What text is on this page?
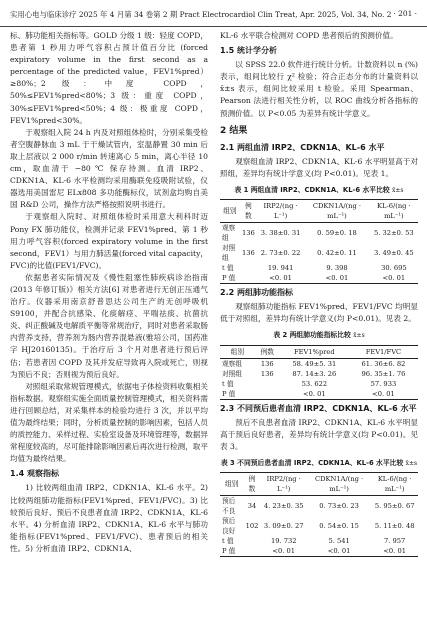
实用心电与临床诊疗 2025 年 4 月第 34 卷第 2 期 Pract Electrocardiol Clin Treat, Apr. 2025, Vol. 34, No. 2 · 201 ·

标、肺功能相关指标等。GOLD 分级 1 级：轻度 COPD，患者第 1 秒用力呼气容积占预计值百分比 (forced expiratory volume in the first second as a percentage of the predicted value，FEV1%pred）≥80%；2 级：中度 COPD，50%≤FEV1%pred<80%；3 级：重度 COPD，30%≤FEV1%pred<50%；4 级：极重度 COPD，FEV1%pred<30%。

于观察组入院 24 h 内及对照组体检时，分别采集受检者空腹静脉血 3 mL 于干燥试管内，室温静置 30 min 后取上层液以 2 000 r/min 转速离心 5 min，离心半径 10 cm，取血清于 −80 ℃ 保存待测。血清 IRP2、CDKN1A、KL-6 水平检测均采用酶联免疫吸附试验，仪器选用美国雷尼 ELx808 多功能酶标仪，试剂盒均购自美国 R&D 公司，操作方法严格按照说明书进行。

于观察组入院时、对照组体检时采用意大利科时迈 Pony FX 肺功能仪，检测并记录 FEV1%pred、第 1 秒用力呼气容积(forced expiratory volume in the first second，FEV1）与用力肺活量(forced vital capacity，FVC)的比值(FEV1/FVC)。

依据患者实际情况及《慢性阻塞性肺疾病诊治指南(2013 年修订版)》相关方法[6] 对患者进行无创正压通气治疗。仪器采用南京舒普思达公司生产的无创呼吸机 S9100，并配合抗感染、化痰解痉、平喘祛痰、抗菌抗炎、纠正酸碱及电解质平衡等常规治疗，同时对患者采取肠内营养支持，营养剂为肠内营养混悬液(雅培公司，国药准字 HJ20160135)。于治疗后 3 个月对患者进行预后评估；若患者因 COPD 及其并发症导致再入院或死亡，则视为预后不良；否则视为预后良好。

对照组采取常规管理模式，依据电子体检资料收集相关指标数据。观察组实施全面质量控制管理模式，相关资料需进行回顾总结，对采集样本的检验均进行 3 次，并以平均值为最终结果；同时，分析质量控制的影响因素，包括人员的质控能力、采样过程、实验室设备及环境管理等，数据异常程度较高的，尽可能排除影响因素后再次进行检测，取平均值为最终结果。

1.4 观察指标

1) 比较两组血清 IRP2、CDKN1A、KL-6 水平。2) 比较两组肺功能指标(FEV1%pred、FEV1/FVC)。3) 比较预后良好、预后不良患者血清 IRP2、CDKN1A、KL-6 水平。4) 分析血清 IRP2、CDKN1A、KL-6 水平与肺功能指标(FEV1%pred、FEV1/FVC)、患者预后的相关性。5) 分析血清 IRP2、CDKN1A、

KL-6 水平联合检测对 COPD 患者预后的预测价值。

1.5 统计学分析

以 SPSS 22.0 软件进行统计分析。计数资料以 n (%) 表示，组间比较行 χ² 检验；符合正态分布的计量资料以 x̄±s 表示，组间比较采用 t 检验。采用 Spearman、Pearson 法进行相关性分析，以 ROC 曲线分析各指标的预测价值。以 P<0.05 为差异有统计学意义。

2 结果
2.1 两组血清 IRP2、CDKN1A、KL-6 水平

观察组血清 IRP2、CDKN1A、KL-6 水平明显高于对照组，差异均有统计学意义(均 P<0.01)。见表 1。

表 1 两组血清 IRP2、CDKN1A、KL-6 水平比较 x̄±s
组别	例数	IRP2/(ng · L⁻¹)	CDKN1A/(ng · mL⁻¹)	KL-6/(ng · mL⁻¹)
观察组	136	3. 38±0. 31	0. 59±0. 18	5. 32±0. 53
对照组	136	2. 73±0. 22	0. 42±0. 11	3. 49±0. 45
t 值		19. 941	9. 398	30. 695
P 值		<0. 01	<0. 01	<0. 01
2.2 两组肺功能指标

观察组肺功能指标 FEV1%pred、FEV1/FVC 均明显低于对照组，差异均有统计学意义(均 P<0.01)。见表 2。

表 2 两组肺功能指标比较 x̄±s
组别	例数	FEV1%pred	FEV1/FVC
观察组	136	58. 49±5. 31	61. 36±6. 82
对照组	136	87. 14±3. 26	96. 35±1. 76
t 值		53. 622	57. 933
P 值		<0. 01	<0. 01
2.3 不同预后患者血清 IRP2、CDKN1A、KL-6 水平

预后不良患者血清 IRP2、CDKN1A、KL-6 水平明显高于预后良好患者，差异均有统计学意义(均 P<0.01)。见表 3。

表 3 不同预后患者血清 IRP2、CDKN1A、KL-6 水平比较 x̄±s
组别	例数	IRP2/(ng · L⁻¹)	CDKN1A/(ng · mL⁻¹)	KL-6/(ng · mL⁻¹)
预后不良	34	4. 23±0. 35	0. 73±0. 23	5. 95±0. 67
预后良好	102	3. 09±0. 27	0. 54±0. 15	5. 11±0. 48
t 值		19. 732	5. 541	7. 957
P 值		<0. 01	<0. 01	<0. 01
